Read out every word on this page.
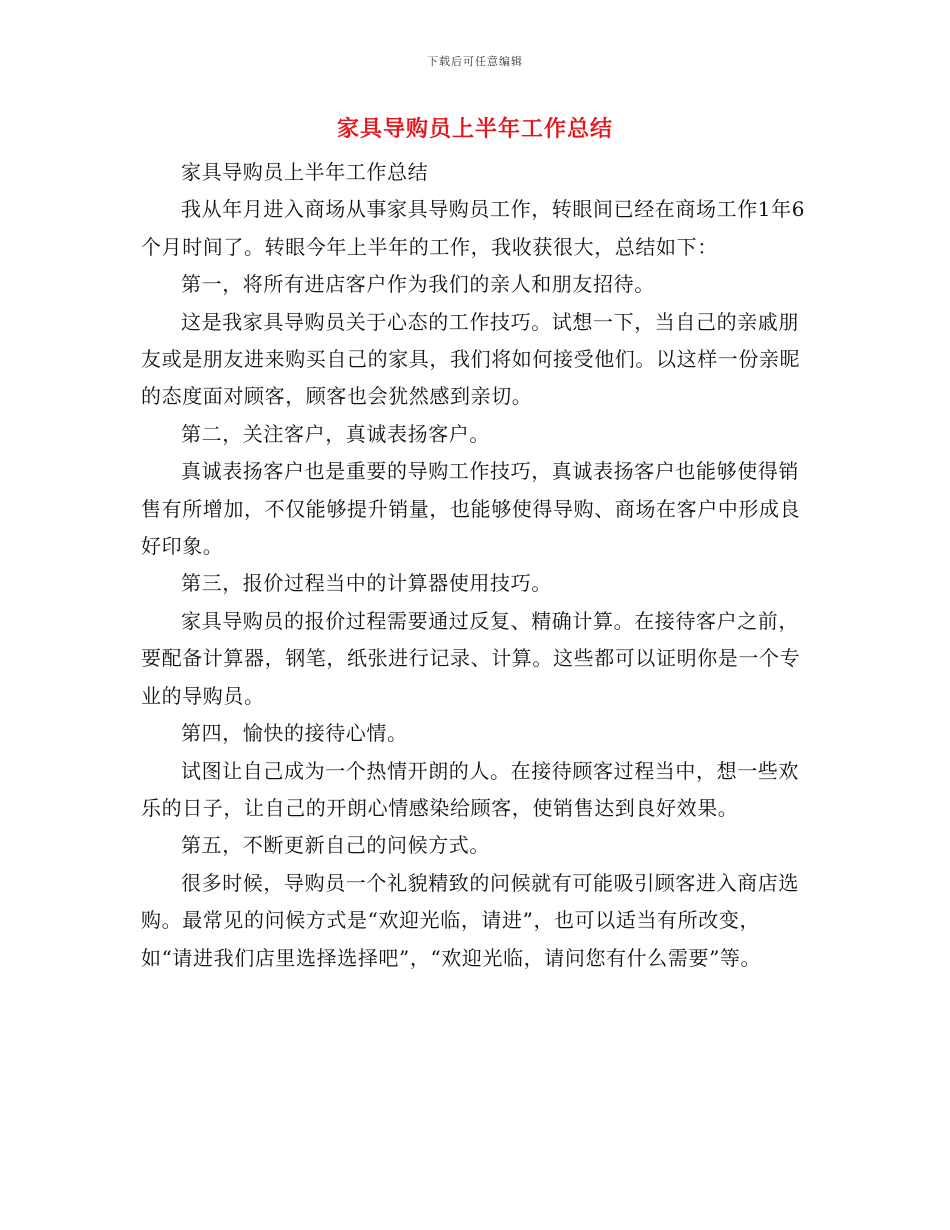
下载后可任意编辑
家具导购员上半年工作总结

家具导购员上半年工作总结

我从年月进入商场从事家具导购员工作，转眼间已经在商场工作1年6个月时间了。转眼今年上半年的工作，我收获很大，总结如下：

第一，将所有进店客户作为我们的亲人和朋友招待。

这是我家具导购员关于心态的工作技巧。试想一下，当自己的亲戚朋友或是朋友进来购买自己的家具，我们将如何接受他们。以这样一份亲昵的态度面对顾客，顾客也会犹然感到亲切。

第二，关注客户，真诚表扬客户。

真诚表扬客户也是重要的导购工作技巧，真诚表扬客户也能够使得销售有所增加，不仅能够提升销量，也能够使得导购、商场在客户中形成良好印象。

第三，报价过程当中的计算器使用技巧。

家具导购员的报价过程需要通过反复、精确计算。在接待客户之前，要配备计算器，钢笔，纸张进行记录、计算。这些都可以证明你是一个专业的导购员。

第四，愉快的接待心情。

试图让自己成为一个热情开朗的人。在接待顾客过程当中，想一些欢乐的日子，让自己的开朗心情感染给顾客，使销售达到良好效果。

第五，不断更新自己的问候方式。

很多时候，导购员一个礼貌精致的问候就有可能吸引顾客进入商店选购。最常见的问候方式是“欢迎光临，请进”，也可以适当有所改变，如“请进我们店里选择选择吧”，“欢迎光临，请问您有什么需要”等。
